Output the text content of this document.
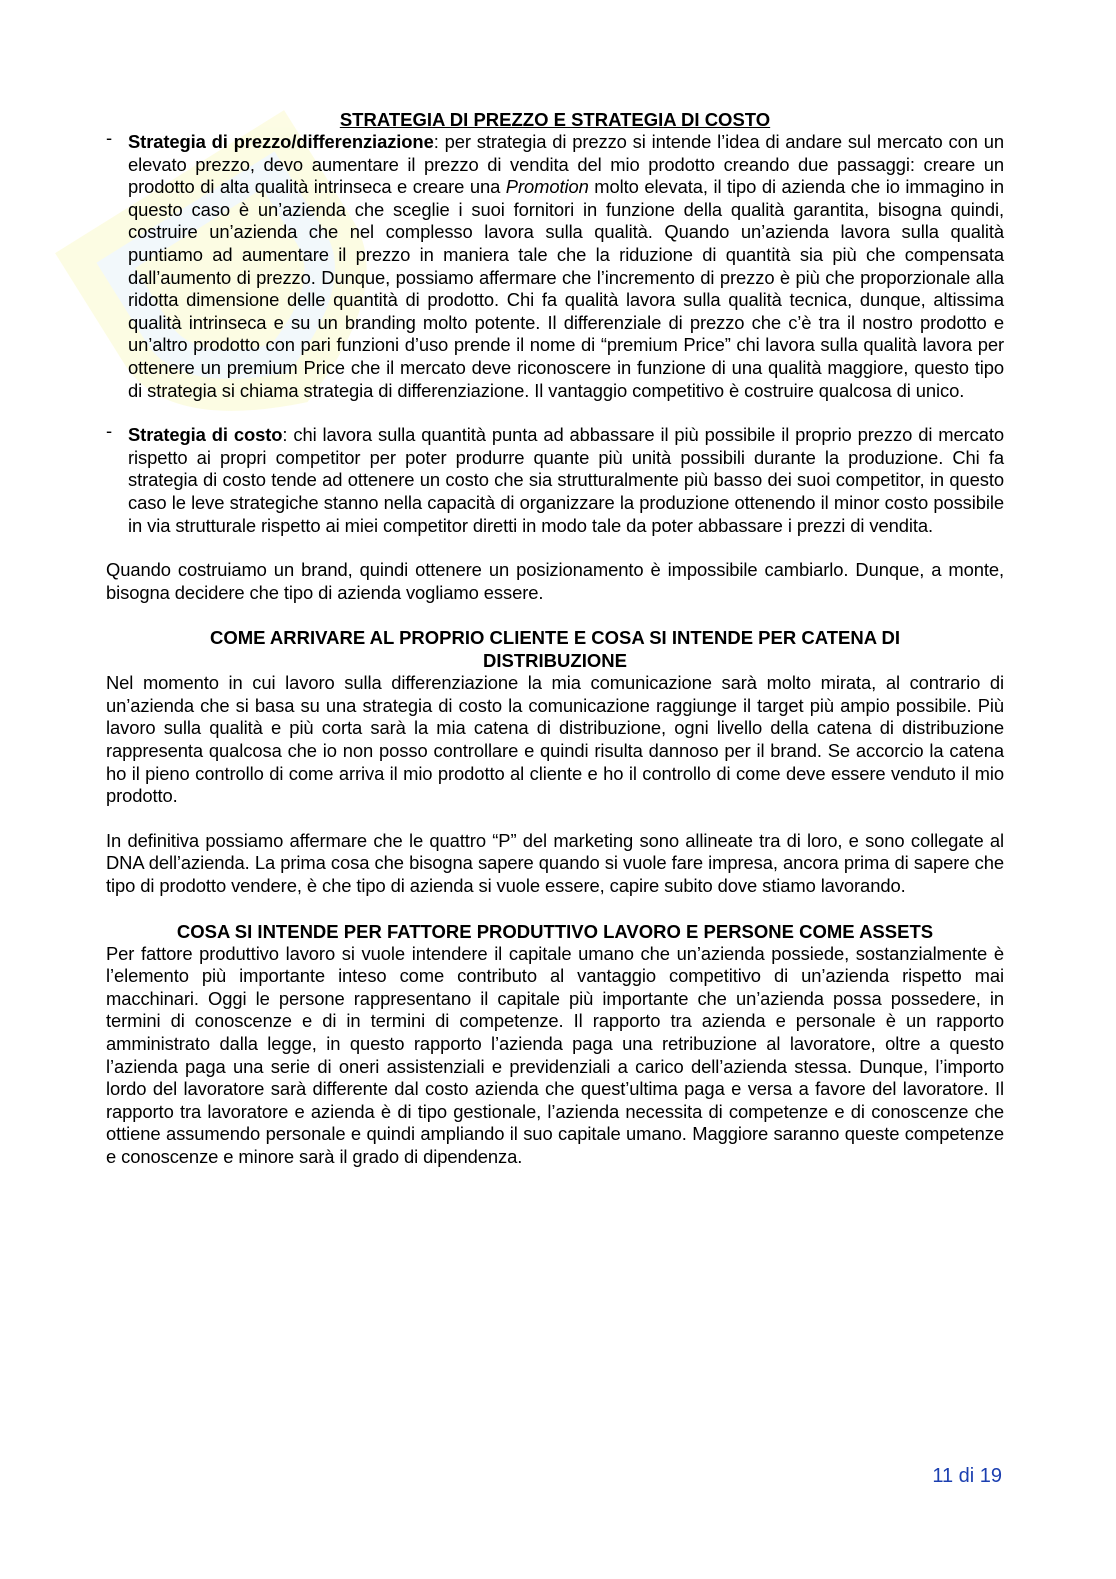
STRATEGIA DI PREZZO E STRATEGIA DI COSTO

- Strategia di prezzo/differenziazione: per strategia di prezzo si intende l’idea di andare sul mercato con un elevato prezzo, devo aumentare il prezzo di vendita del mio prodotto creando due passaggi: creare un prodotto di alta qualità intrinseca e creare una Promotion molto elevata, il tipo di azienda che io immagino in questo caso è un’azienda che sceglie i suoi fornitori in funzione della qualità garantita, bisogna quindi, costruire un’azienda che nel complesso lavora sulla qualità. Quando un’azienda lavora sulla qualità puntiamo ad aumentare il prezzo in maniera tale che la riduzione di quantità sia più che compensata dall’aumento di prezzo. Dunque, possiamo affermare che l’incremento di prezzo è più che proporzionale alla ridotta dimensione delle quantità di prodotto. Chi fa qualità lavora sulla qualità tecnica, dunque, altissima qualità intrinseca e su un branding molto potente. Il differenziale di prezzo che c’è tra il nostro prodotto e un’altro prodotto con pari funzioni d’uso prende il nome di “premium Price” chi lavora sulla qualità lavora per ottenere un premium Price che il mercato deve riconoscere in funzione di una qualità maggiore, questo tipo di strategia si chiama strategia di differenziazione. Il vantaggio competitivo è costruire qualcosa di unico.

- Strategia di costo: chi lavora sulla quantità punta ad abbassare il più possibile il proprio prezzo di mercato rispetto ai propri competitor per poter produrre quante più unità possibili durante la produzione. Chi fa strategia di costo tende ad ottenere un costo che sia strutturalmente più basso dei suoi competitor, in questo caso le leve strategiche stanno nella capacità di organizzare la produzione ottenendo il minor costo possibile in via strutturale rispetto ai miei competitor diretti in modo tale da poter abbassare i prezzi di vendita.

Quando costruiamo un brand, quindi ottenere un posizionamento è impossibile cambiarlo. Dunque, a monte, bisogna decidere che tipo di azienda vogliamo essere.

COME ARRIVARE AL PROPRIO CLIENTE E COSA SI INTENDE PER CATENA DI DISTRIBUZIONE

Nel momento in cui lavoro sulla differenziazione la mia comunicazione sarà molto mirata, al contrario di un’azienda che si basa su una strategia di costo la comunicazione raggiunge il target più ampio possibile. Più lavoro sulla qualità e più corta sarà la mia catena di distribuzione, ogni livello della catena di distribuzione rappresenta qualcosa che io non posso controllare e quindi risulta dannoso per il brand. Se accorcio la catena ho il pieno controllo di come arriva il mio prodotto al cliente e ho il controllo di come deve essere venduto il mio prodotto.

In definitiva possiamo affermare che le quattro “P” del marketing sono allineate tra di loro, e sono collegate al DNA dell’azienda. La prima cosa che bisogna sapere quando si vuole fare impresa, ancora prima di sapere che tipo di prodotto vendere, è che tipo di azienda si vuole essere, capire subito dove stiamo lavorando.

COSA SI INTENDE PER FATTORE PRODUTTIVO LAVORO E PERSONE COME ASSETS

Per fattore produttivo lavoro si vuole intendere il capitale umano che un’azienda possiede, sostanzialmente è l’elemento più importante inteso come contributo al vantaggio competitivo di un’azienda rispetto mai macchinari. Oggi le persone rappresentano il capitale più importante che un’azienda possa possedere, in termini di conoscenze e di in termini di competenze. Il rapporto tra azienda e personale è un rapporto amministrato dalla legge, in questo rapporto l’azienda paga una retribuzione al lavoratore, oltre a questo l’azienda paga una serie di oneri assistenziali e previdenziali a carico dell’azienda stessa. Dunque, l’importo lordo del lavoratore sarà differente dal costo azienda che quest’ultima paga e versa a favore del lavoratore. Il rapporto tra lavoratore e azienda è di tipo gestionale, l’azienda necessita di competenze e di conoscenze che ottiene assumendo personale e quindi ampliando il suo capitale umano. Maggiore saranno queste competenze e conoscenze e minore sarà il grado di dipendenza.

11 di 19
